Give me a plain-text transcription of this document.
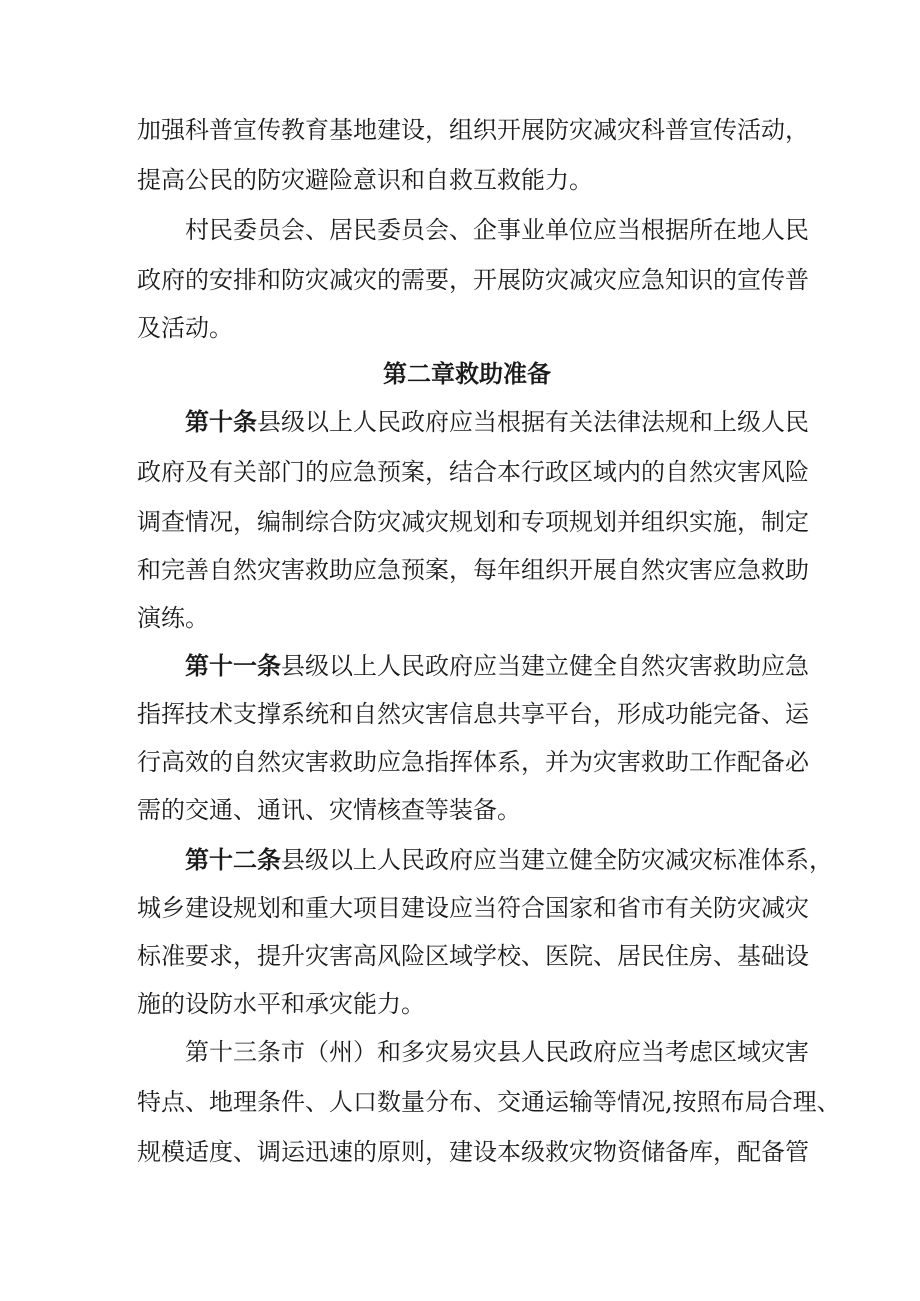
加强科普宣传教育基地建设，组织开展防灾减灾科普宣传活动，
提高公民的防灾避险意识和自救互救能力。
村民委员会、居民委员会、企事业单位应当根据所在地人民
政府的安排和防灾减灾的需要，开展防灾减灾应急知识的宣传普
及活动。
第二章救助准备
第十条县级以上人民政府应当根据有关法律法规和上级人民
政府及有关部门的应急预案，结合本行政区域内的自然灾害风险
调查情况，编制综合防灾减灾规划和专项规划并组织实施，制定
和完善自然灾害救助应急预案，每年组织开展自然灾害应急救助
演练。
第十一条县级以上人民政府应当建立健全自然灾害救助应急
指挥技术支撑系统和自然灾害信息共享平台，形成功能完备、运
行高效的自然灾害救助应急指挥体系，并为灾害救助工作配备必
需的交通、通讯、灾情核查等装备。
第十二条县级以上人民政府应当建立健全防灾减灾标准体系，
城乡建设规划和重大项目建设应当符合国家和省市有关防灾减灾
标准要求，提升灾害高风险区域学校、医院、居民住房、基础设
施的设防水平和承灾能力。
第十三条市（州）和多灾易灾县人民政府应当考虑区域灾害
特点、地理条件、人口数量分布、交通运输等情况,按照布局合理、
规模适度、调运迅速的原则，建设本级救灾物资储备库，配备管
